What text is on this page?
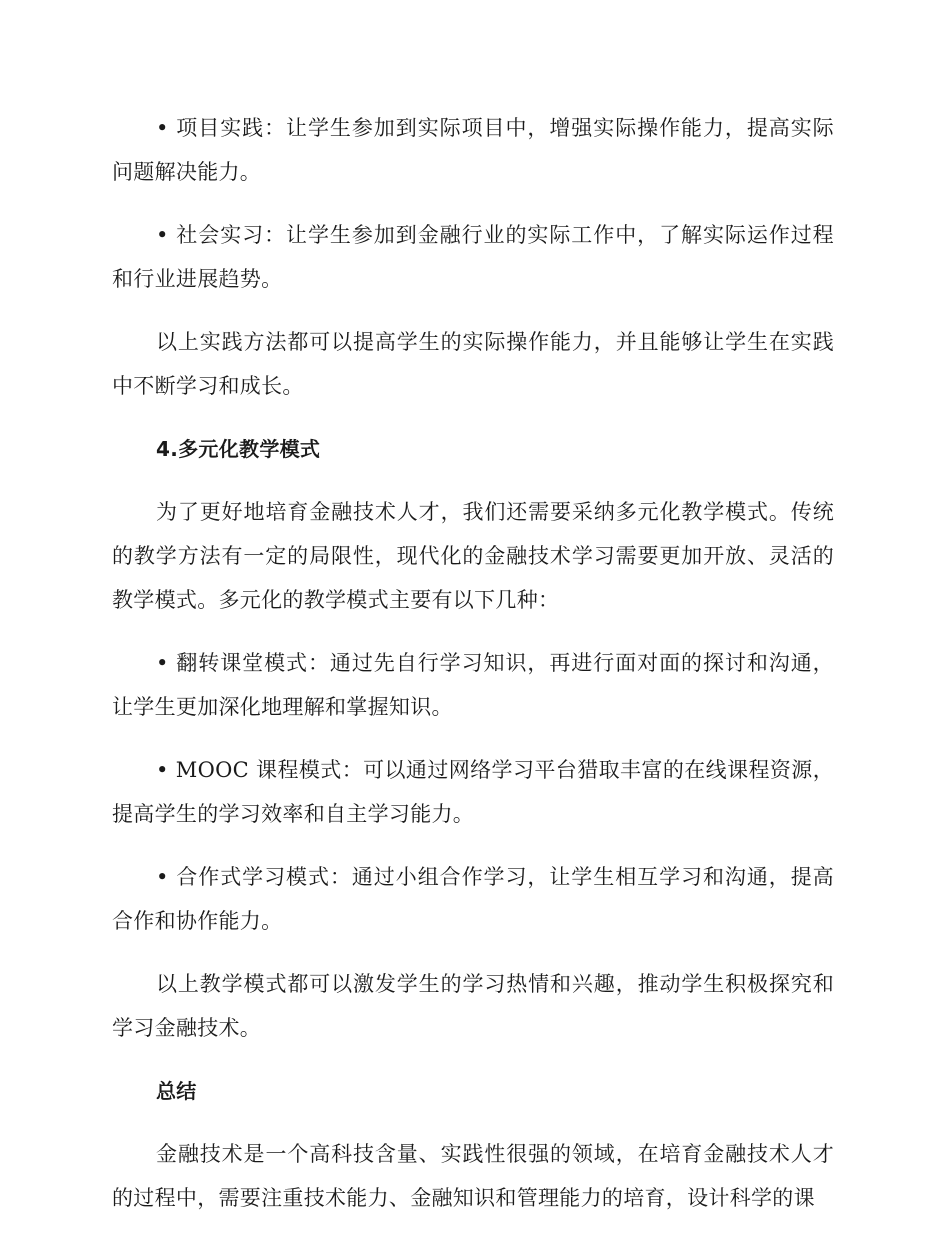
• 项目实践：让学生参加到实际项目中，增强实际操作能力，提高实际问题解决能力。

• 社会实习：让学生参加到金融行业的实际工作中，了解实际运作过程和行业进展趋势。

以上实践方法都可以提高学生的实际操作能力，并且能够让学生在实践中不断学习和成长。

4.多元化教学模式

为了更好地培育金融技术人才，我们还需要采纳多元化教学模式。传统的教学方法有一定的局限性，现代化的金融技术学习需要更加开放、灵活的教学模式。多元化的教学模式主要有以下几种：

• 翻转课堂模式：通过先自行学习知识，再进行面对面的探讨和沟通，让学生更加深化地理解和掌握知识。

• MOOC 课程模式：可以通过网络学习平台猎取丰富的在线课程资源，提高学生的学习效率和自主学习能力。

• 合作式学习模式：通过小组合作学习，让学生相互学习和沟通，提高合作和协作能力。

以上教学模式都可以激发学生的学习热情和兴趣，推动学生积极探究和学习金融技术。

总结

金融技术是一个高科技含量、实践性很强的领域，在培育金融技术人才的过程中，需要注重技术能力、金融知识和管理能力的培育，设计科学的课
